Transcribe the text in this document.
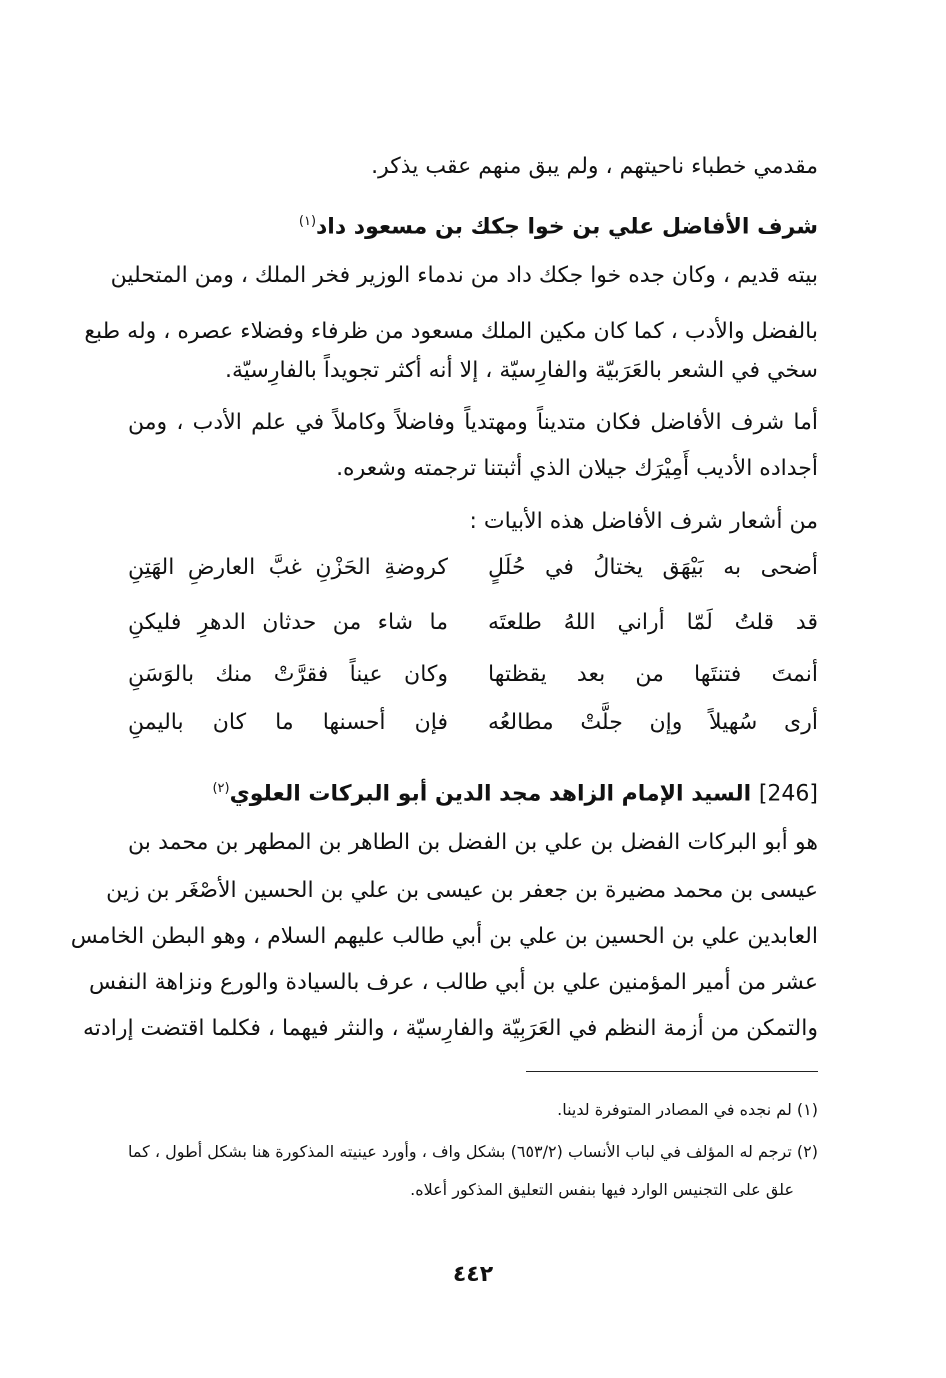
مقدمي خطباء ناحيتهم ، ولم يبق منهم عقب يذكر.
شرف الأفاضل علي بن خوا جكك بن مسعود داد$^{(١)}$
بيته قديم ، وكان جده خوا جكك داد من ندماء الوزير فخر الملك ، ومن المتحلين
بالفضل والأدب ، كما كان مكين الملك مسعود من ظرفاء وفضلاء عصره ، وله طبع
سخي في الشعر بالعَرَبيّة والفارِسيّة ، إلا أنه أكثر تجويداً بالفارِسيّة.
أما شرف الأفاضل فكان متديناً ومهتدياً وفاضلاً وكاملاً في علم الأدب ، ومن
أجداده الأديب أَمِيْرَك جيلان الذي أثبتنا ترجمته وشعره.
من أشعار شرف الأفاضل هذه الأبيات :
أضحى به بَيْهَق يختالُ في حُلَلٍ
كروضةِ الحَزْنِ غبَّ العارضِ الهَتِنِ
قد قلتُ لَمّا أراني اللهُ طلعتَه
ما شاء من حدثان الدهرِ فليكنِ
أنمتَ فتنتَها من بعد يقظتها
وكان عيناً فقرَّتْ منك بالوَسَنِ
أرى سُهيلاً وإن جلَّتْ مطالعُه
فإن أحسنها ما كان باليمنِ
[246] السيد الإمام الزاهد مجد الدين أبو البركات العلوي$^{(٢)}$
هو أبو البركات الفضل بن علي بن الفضل بن الطاهر بن المطهر بن محمد بن
عيسى بن محمد مضيرة بن جعفر بن عيسى بن علي بن الحسين الأصْغَر بن زين
العابدين علي بن الحسين بن علي بن أبي طالب عليهم السلام ، وهو البطن الخامس
عشر من أمير المؤمنين علي بن أبي طالب ، عرف بالسيادة والورع ونزاهة النفس
والتمكن من أزمة النظم في العَرَبِيّة والفارِسيّة ، والنثر فيهما ، فكلما اقتضت إرادته
(١) لم نجده في المصادر المتوفرة لدينا.
(٢) ترجم له المؤلف في لباب الأنساب (٦٥٣/٢) بشكل واف ، وأورد عينيته المذكورة هنا بشكل أطول ، كما
علق على التجنيس الوارد فيها بنفس التعليق المذكور أعلاه.
٤٤٢
